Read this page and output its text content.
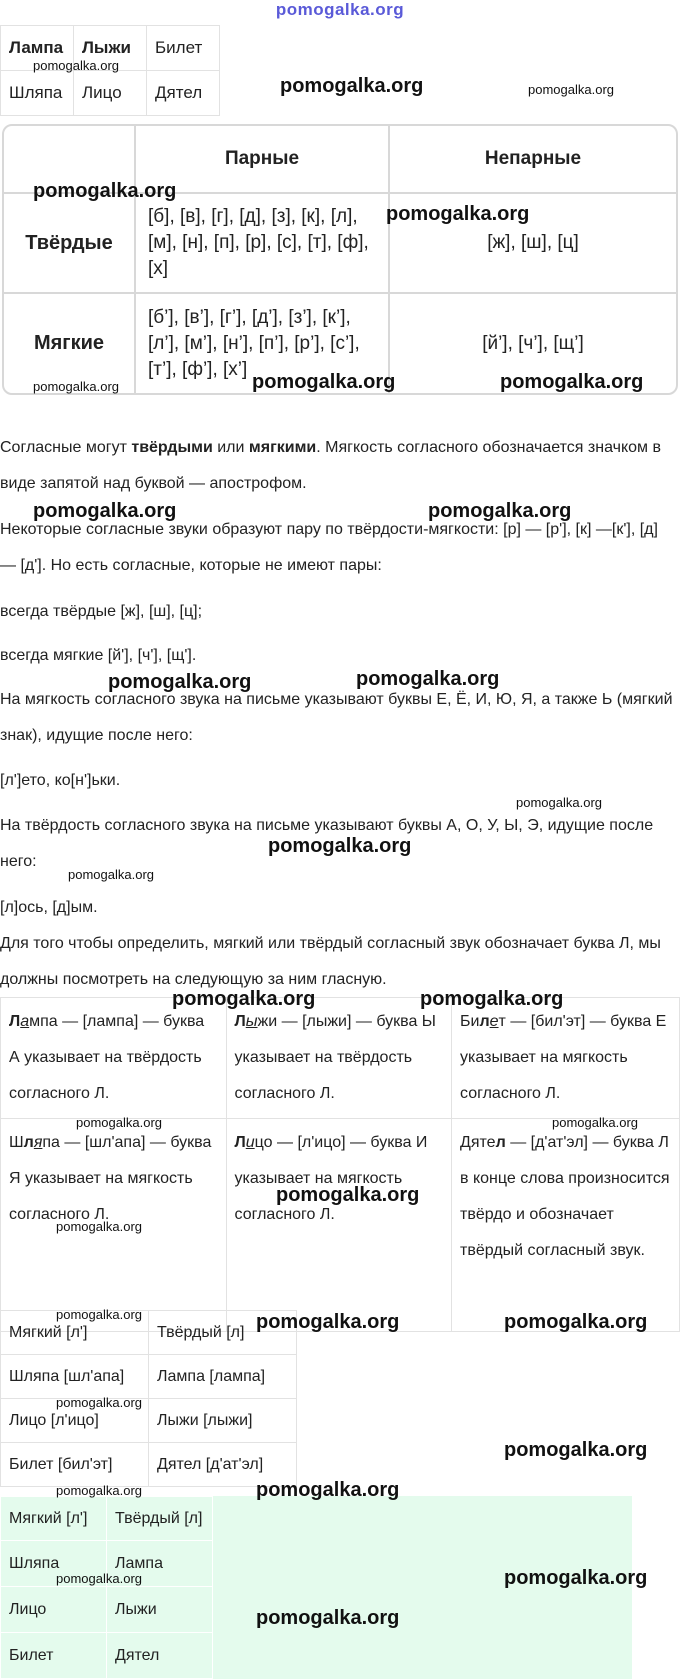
pomogalka.org
Лампа	Лыжи	Билет
Шляпа	Лицо	Дятел
	Парные	Непарные
Твёрдые	[б], [в], [г], [д], [з], [к], [л], [м], [н], [п], [р], [с], [т], [ф], [х]	[ж], [ш], [ц]
Мягкие	[б’], [в’], [г’], [д’], [з’], [к’], [л’], [м’], [н’], [п’], [р’], [с’], [т’], [ф’], [х’]	[й’], [ч’], [щ’]
Согласные могут твёрдыми или мягкими. Мягкость согласного обозначается значком в виде запятой над буквой — апострофом.
Некоторые согласные звуки образуют пару по твёрдости-мягкости: [р] — [р'], [к] —[к'], [д] — [д']. Но есть согласные, которые не имеют пары:
всегда твёрдые [ж], [ш], [ц];
всегда мягкие [й'], [ч'], [щ'].
На мягкость согласного звука на письме указывают буквы Е, Ё, И, Ю, Я, а также Ь (мягкий знак), идущие после него:
[л']ето, ко[н']ьки.
На твёрдость согласного звука на письме указывают буквы А, О, У, Ы, Э, идущие после него:
[л]ось, [д]ым.
Для того чтобы определить, мягкий или твёрдый согласный звук обозначает буква Л, мы должны посмотреть на следующую за ним гласную.
Лампа — [лампа] — буква А указывает на твёрдость согласного Л.	Лыжи — [лыжи] — буква Ы указывает на твёрдость согласного Л.	Билет — [бил'эт] — буква Е указывает на мягкость согласного Л.
Шляпа — [шл'апа] — буква Я указывает на мягкость согласного Л.	Лицо — [л'ицо] — буква И указывает на мягкость согласного Л.	Дятел — [д'ат'эл] — буква Л в конце слова произносится твёрдо и обозначает твёрдый согласный звук.
Мягкий [л']	Твёрдый [л]
Шляпа [шл'апа]	Лампа [лампа]
Лицо [л'ицо]	Лыжи [лыжи]
Билет [бил'эт]	Дятел [д'ат'эл]
Мягкий [л']	Твёрдый [л]
Шляпа	Лампа
Лицо	Лыжи
Билет	Дятел
pomogalka.org
pomogalka.org	pomogalka.org
pomogalka.org
pomogalka.org
pomogalka.org	pomogalka.org	pomogalka.org
pomogalka.org	pomogalka.org
pomogalka.org	pomogalka.org
pomogalka.org
pomogalka.org
pomogalka.org
pomogalka.org	pomogalka.org
pomogalka.org	pomogalka.org
pomogalka.org
pomogalka.org
pomogalka.org	pomogalka.org	pomogalka.org
pomogalka.org
pomogalka.org
pomogalka.org	pomogalka.org
pomogalka.org	pomogalka.org
pomogalka.org
